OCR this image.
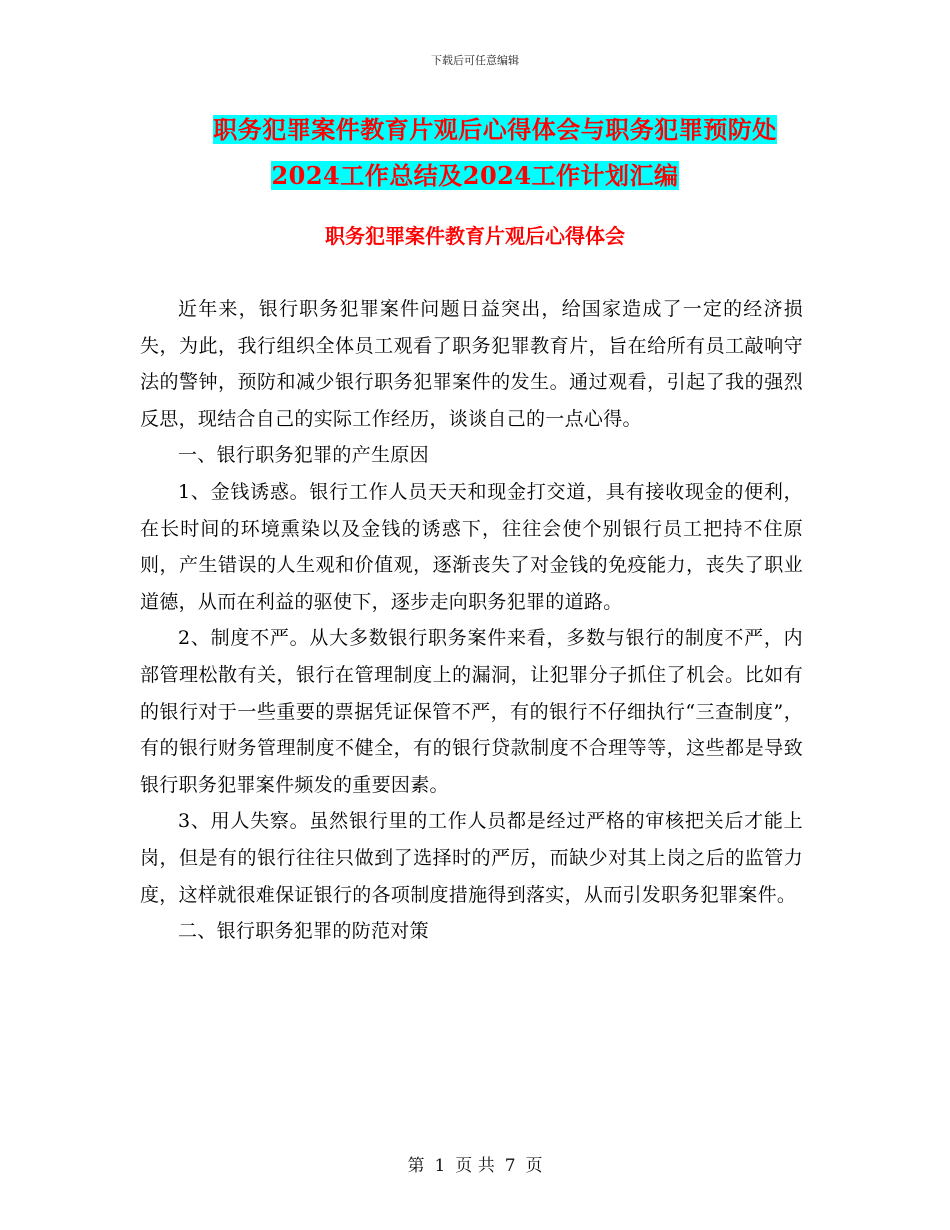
下载后可任意编辑
职务犯罪案件教育片观后心得体会与职务犯罪预防处
2024工作总结及2024工作计划汇编
职务犯罪案件教育片观后心得体会

近年来，银行职务犯罪案件问题日益突出，给国家造成了一定的经济损失，为此，我行组织全体员工观看了职务犯罪教育片，旨在给所有员工敲响守法的警钟，预防和减少银行职务犯罪案件的发生。通过观看，引起了我的强烈反思，现结合自己的实际工作经历，谈谈自己的一点心得。

一、银行职务犯罪的产生原因

1、金钱诱惑。银行工作人员天天和现金打交道，具有接收现金的便利，在长时间的环境熏染以及金钱的诱惑下，往往会使个别银行员工把持不住原则，产生错误的人生观和价值观，逐渐丧失了对金钱的免疫能力，丧失了职业道德，从而在利益的驱使下，逐步走向职务犯罪的道路。

2、制度不严。从大多数银行职务案件来看，多数与银行的制度不严，内部管理松散有关，银行在管理制度上的漏洞，让犯罪分子抓住了机会。比如有的银行对于一些重要的票据凭证保管不严，有的银行不仔细执行“三查制度”，有的银行财务管理制度不健全，有的银行贷款制度不合理等等，这些都是导致银行职务犯罪案件频发的重要因素。

3、用人失察。虽然银行里的工作人员都是经过严格的审核把关后才能上岗，但是有的银行往往只做到了选择时的严厉，而缺少对其上岗之后的监管力度，这样就很难保证银行的各项制度措施得到落实，从而引发职务犯罪案件。

二、银行职务犯罪的防范对策

第 1 页 共 7 页
